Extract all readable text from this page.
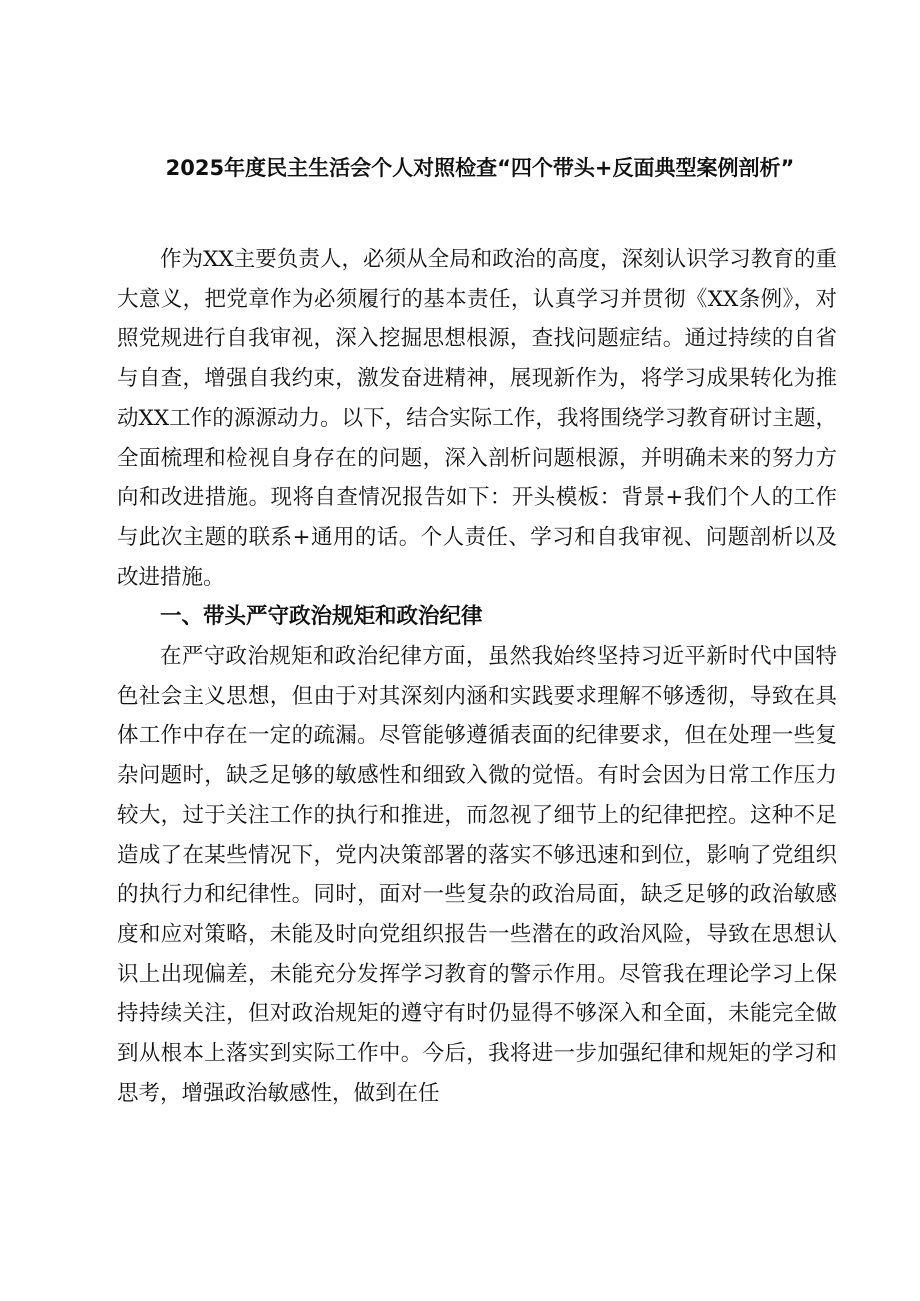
2025年度民主生活会个人对照检查“四个带头+反面典型案例剖析”

作为XX主要负责人，必须从全局和政治的高度，深刻认识学习教育的重大意义，把党章作为必须履行的基本责任，认真学习并贯彻《XX条例》，对照党规进行自我审视，深入挖掘思想根源，查找问题症结。通过持续的自省与自查，增强自我约束，激发奋进精神，展现新作为，将学习成果转化为推动XX工作的源源动力。以下，结合实际工作，我将围绕学习教育研讨主题，全面梳理和检视自身存在的问题，深入剖析问题根源，并明确未来的努力方向和改进措施。现将自查情况报告如下：开头模板：背景+我们个人的工作与此次主题的联系+通用的话。个人责任、学习和自我审视、问题剖析以及改进措施。

一、带头严守政治规矩和政治纪律

在严守政治规矩和政治纪律方面，虽然我始终坚持习近平新时代中国特色社会主义思想，但由于对其深刻内涵和实践要求理解不够透彻，导致在具体工作中存在一定的疏漏。尽管能够遵循表面的纪律要求，但在处理一些复杂问题时，缺乏足够的敏感性和细致入微的觉悟。有时会因为日常工作压力较大，过于关注工作的执行和推进，而忽视了细节上的纪律把控。这种不足造成了在某些情况下，党内决策部署的落实不够迅速和到位，影响了党组织的执行力和纪律性。同时，面对一些复杂的政治局面，缺乏足够的政治敏感度和应对策略，未能及时向党组织报告一些潜在的政治风险，导致在思想认识上出现偏差，未能充分发挥学习教育的警示作用。尽管我在理论学习上保持持续关注，但对政治规矩的遵守有时仍显得不够深入和全面，未能完全做到从根本上落实到实际工作中。今后，我将进一步加强纪律和规矩的学习和思考，增强政治敏感性，做到在任
